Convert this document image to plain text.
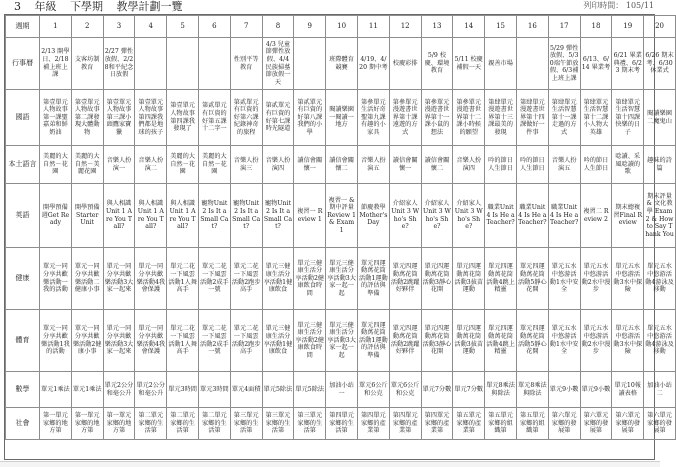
3 年級 下學期 教學計劃一覽	列印時間： 105/11
週期	1	2	3	4	5	6	7	8	9	10	11	12	13	14	15	16	17	18	19	20
行事曆	2/13 開學日、2/18補上班上課	支客坊制教育	2/27 彈性放假、2/28和平紀念日放假				性別平等教育	4/3 兒童節彈性放假、4/4 民族掃墓節放假一天		班際體育競賽	4/19、4/20 期中考	校慶彩排	5/9 校慶、環境教育	5/11 校慶補假一天	親善市場		5/29 彈性放假、5/30端午節放假、6/3補上班上課	6/13、6/14 畢業考	6/21 畢業典禮、6/23 期末考	6/26 期末考、6/30 休業式

國語	第壹單元人物故事第一課聖嘉弟和鮮奶油	第壹單元人物故事第二課發現大體動物	第壹單元人物故事第三課小頭鷹家寶獵	第壹單元人物故事第四課我們都是地球的孩子	第壹單元人物故事第四課我發現了	第貳單元有巨資的好第五課十二字一	第貳單元有巨資的好第六課紀錄神奇的旅程	第貳單元有巨資的好第七課時光隧道	第貳單元有巨資的好第八課我們的小學	閱讀樂園一閱讀一地方	第參單元生活好奇聖第九課有趣的小家具	第參單元漫遊書世界第十課遠遊的方式	第參單元漫遊書世界第十一課小鼠的想法	第參單元漫遊書世界第十二課小時候的願望	第肆單元漫遊書世界第十三課最美的發現	第肆單元漫遊書世界第十四課做好一件事	第肆單元生活智慧第十一課走過的方式	第肆單元生活智慧第十二課小人物大英雄	第肆單元生活智慧第十四課快樂的日子	閱讀樂園二魔鬼山

本土語言	美麗的大自然－花園	美麗的大自然－美麗花園	音樂人扮演一	音樂人扮演二	美麗的大自然－花園	美麗的大自然－花園	音樂人扮演三	音樂人扮演四	讀信會關懷一	讀信會關懷二	音樂人扮演五	讀信會關懷一	讀信會關懷二	音樂人扮演四	吟的節日人生節日	吟的節日人生節日	音樂人扮演五	吟的節日人生節日	唸讀、采風唸讀的歌	趣味的詩篇

英語	開學預備週Get Ready	開學預備Starter Unit	與人相識Unit 1 Are You Tall?	與人相識Unit 1 Are You Tall?	與人相識Unit 1 Are You Tall?	寵物Unit 2 Is It a Small Cat?	寵物Unit 2 Is It a Small Cat?	寵物Unit 2 Is It a Small Cat?	複習一 Review 1	複習一 & 期中評量 Review 1 & Exam 1	節慶教學 Mother's Day	介紹家人 Unit 3 Who's She?	介紹家人 Unit 3 Who's She?	介紹家人 Unit 3 Who's She?	職業Unit 4 Is He a Teacher?	職業Unit 4 Is He a Teacher?	職業Unit 4 Is He a Teacher?	複習二 Review 2	期末總複習Final Review	期末評量 & 文化教學 Exam 2 & How to Say Thank You

健康	單元一同分享共歡樂活動一我的活動	單元一同分享共歡樂活動二健康小事	單元一同分享共歡樂活動3大家一起來	單元一同分享共歡樂活動4我會保護	單元二花一下風雲活動1人舞高手	單元二花一下風雲活動2成手一號	單元二花一下風雲活動2跑步高手	單元三健康生活分享活動1健康飲食	單元三健康生活分享活動2健康飲食時間	單元三健康生活分享活動3大家一起一起	單元四運動萬花筒活動1運動的評估與準備	單元四運動萬花筒活動2跳躍好夥伴	單元四運動萬花筒活動3靜心花開	單元四運動萬花筒活動3拔苗運動	單元四運動萬花筒活動4跳上精靈	單元四運動萬花筒活動5靜心花開	單元五水中悠游活動1水中安全	單元五水中悠游活動2水中漫步	單元五水中悠游活動3水中探險	單元五水中悠游活動4游泳及移動

體育	單元一同分享共歡樂活動1我的活動	單元一同分享共歡樂活動2健康小事	單元一同分享共歡樂活動3大家一起來	單元一同分享共歡樂活動4我會保護	單元二花一下風雲活動1人舞高手	單元二花一下風雲活動2成手一號	單元二花一下風雲活動2跑步高手	單元三健康生活分享活動1健康飲食	單元三健康生活分享活動2健康飲食時間	單元三健康生活分享活動3大家一起一起	單元四運動萬花筒活動1運動的評估與準備	單元四運動萬花筒活動2跳躍好夥伴	單元四運動萬花筒活動3靜心花開	單元四運動萬花筒活動3拔苗運動	單元四運動萬花筒活動4跳上精靈	單元四運動萬花筒活動5靜心花開	單元五水中悠游活動1水中安全	單元五水中悠游活動2水中漫步	單元五水中悠游活動3水中探險	單元五水中悠游活動4游泳及移動

數學	單元1乘法	單元1乘法	單元2公分和毫公升	單元2公分和毫公升	單元3時間	單元3時間	單元4面積	單元5除法	單元5除法	加油小站一	單元6公斤和公克	單元6公斤和公克	單元7分數	單元7分數	單元8乘法與除法	單元8乘法與除法	單元9小數	單元9小數	單元10報讀表格	加油小站二

社會	第一單元家鄉的地方第	第一單元家鄉的地方第	第一單元家鄉的地方第	第二單元家鄉的生活第	第二單元家鄉的生活第	第二單元家鄉的生活第	第三單元家鄉的生活第	第三單元家鄉的生活第	第三單元家鄉的生活第	第四單元家鄉的生活第	第四單元家鄉的產業第	第四單元家鄉的產業第	第四單元家鄉的產業第	第五單元家鄉的產業第	第五單元家鄉的組織第	第五單元家鄉的組織第	第六單元家鄉的發展第	第六單元家鄉的發展第	第六單元家鄉的發展第	第六單元家鄉的發展第
